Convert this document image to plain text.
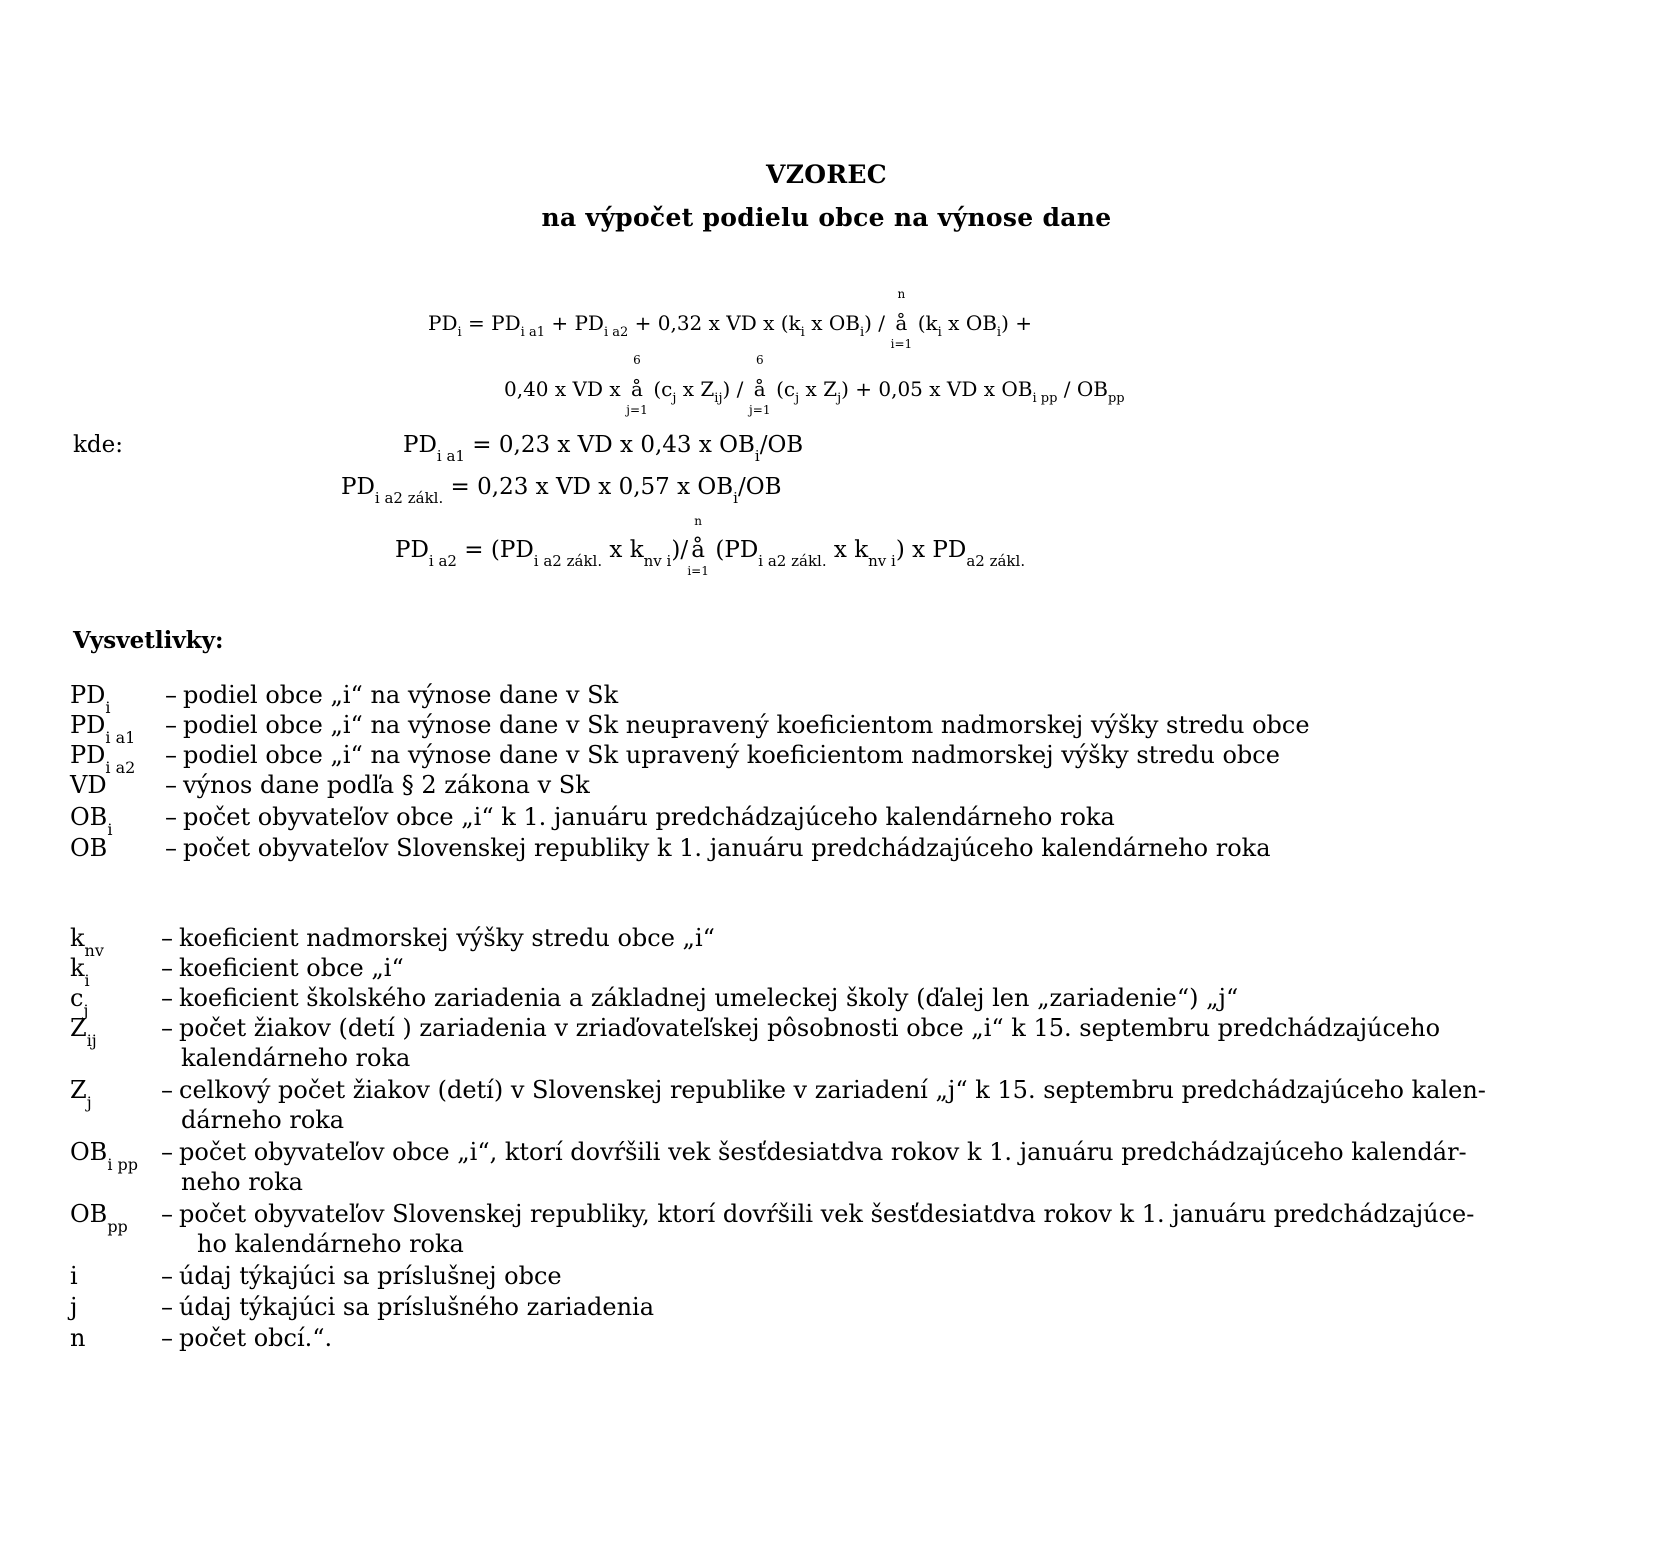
VZOREC
na výpočet podielu obce na výnose dane
$PD_i = PD_{i a1} + PD_{i a2} + 0,32$ x VD x ($k_i$ x $OB_i$) / å
n
i=1
($k_i$ x $OB_i$) +
0,40 x VD x å
6
j=1
($c_j$ x $Z_{ij}$) / å
6
j=1
($c_j$ x $Z_j) + 0,05$ x VD x $OB_{i pp} / OB_{pp}$
kde:	$PD_{i a1} = 0,23$ x VD x 0,43 x $OB_i/OB$
$PD_{i a2 zákl.} = 0,23$ x VD x 0,57 x $OB_i/OB$
$PD_{i a2} = (PD_{i a2 zákl.}$ x $k_{nv i})/$ å
n
i=1
($PD_{i a2 zákl.}$ x $k_{nv i}$) x $PD_{a2 zákl.}$
Vysvetlivky:
$PD_i$	– podiel obce „i“ na výnose dane v Sk
$PD_{i a1}$	– podiel obce „i“ na výnose dane v Sk neupravený koeficientom nadmorskej výšky stredu obce
$PD_{i a2}$	– podiel obce „i“ na výnose dane v Sk upravený koeficientom nadmorskej výšky stredu obce
VD	– výnos dane podľa § 2 zákona v Sk
$OB_i$	– počet obyvateľov obce „i“ k 1. januáru predchádzajúceho kalendárneho roka
OB	– počet obyvateľov Slovenskej republiky k 1. januáru predchádzajúceho kalendárneho roka
$k_{nv}$	– koeficient nadmorskej výšky stredu obce „i“
$k_i$	– koeficient obce „i“
$c_j$	– koeficient školského zariadenia a základnej umeleckej školy (ďalej len „zariadenie“) „j“
$Z_{ij}$	– počet žiakov (detí ) zariadenia v zriaďovateľskej pôsobnosti obce „i“ k 15. septembru predchádzajúceho
kalendárneho roka
$Z_j$	– celkový počet žiakov (detí) v Slovenskej republike v zariadení „j“ k 15. septembru predchádzajúceho kalen-
dárneho roka
$OB_{i pp}$ – počet obyvateľov obce „i“, ktorí dovŕšili vek šesťdesiatdva rokov k 1. januáru predchádzajúceho kalendár-
neho roka
$OB_{pp}$	– počet obyvateľov Slovenskej republiky, ktorí dovŕšili vek šesťdesiatdva rokov k 1. januáru predchádzajúce-
ho kalendárneho roka
i	– údaj týkajúci sa príslušnej obce
j	– údaj týkajúci sa príslušného zariadenia
n	– počet obcí.“.
